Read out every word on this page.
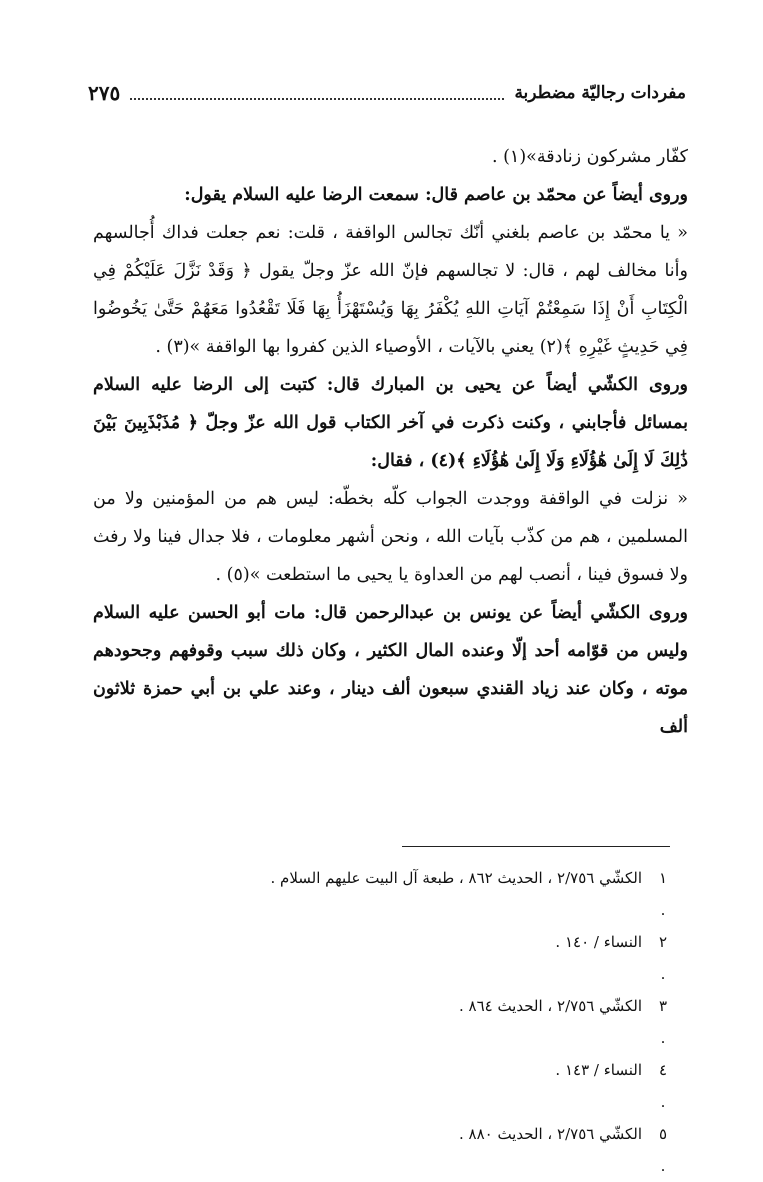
مفردات رجاليّة مضطربة
٢٧٥

كفّار مشركون زنادقة»(١) .

وروى أيضاً عن محمّد بن عاصم قال: سمعت الرضا عليه السلام يقول:

« يا محمّد بن عاصم بلغني أنّك تجالس الواقفة ، قلت: نعم جعلت فداك أُجالسهم وأنا مخالف لهم ، قال: لا تجالسهم فإنّ الله عزّ وجلّ يقول ﴿ وَقَدْ نَزَّلَ عَلَيْكُمْ فِي الْكِتَابِ أَنْ إِذَا سَمِعْتُمْ آيَاتِ اللهِ يُكْفَرُ بِهَا وَيُسْتَهْزَأُ بِهَا فَلَا تَقْعُدُوا مَعَهُمْ حَتَّىٰ يَخُوضُوا فِي حَدِيثٍ غَيْرِهِ ﴾(٢) يعني بالآيات ، الأوصياء الذين كفروا بها الواقفة »(٣) .

وروى الكشّي أيضاً عن يحيى بن المبارك قال: كتبت إلى الرضا عليه السلام بمسائل فأجابني ، وكنت ذكرت في آخر الكتاب قول الله عزّ وجلّ ﴿ مُذَبْذَبِينَ بَيْنَ ذَٰلِكَ لَا إِلَىٰ هَٰؤُلَاءِ وَلَا إِلَىٰ هَٰؤُلَاءِ ﴾(٤) ، فقال:

« نزلت في الواقفة ووجدت الجواب كلّه بخطّه: ليس هم من المؤمنين ولا من المسلمين ، هم من كذّب بآيات الله ، ونحن أشهر معلومات ، فلا جدال فينا ولا رفث ولا فسوق فينا ، أنصب لهم من العداوة يا يحيى ما استطعت »(٥) .

وروى الكشّي أيضاً عن يونس بن عبدالرحمن قال: مات أبو الحسن عليه السلام وليس من قوّامه أحد إلّا وعنده المال الكثير ، وكان ذلك سبب وقوفهم وجحودهم موته ، وكان عند زياد القندي سبعون ألف دينار ، وعند علي بن أبي حمزة ثلاثون ألف

١ .
الكشّي ٢/٧٥٦ ، الحديث ٨٦٢ ، طبعة آل البيت عليهم السلام .
٢ .
النساء / ١٤٠ .
٣ .
الكشّي ٢/٧٥٦ ، الحديث ٨٦٤ .
٤ .
النساء / ١٤٣ .
٥ .
الكشّي ٢/٧٥٦ ، الحديث ٨٨٠ .
